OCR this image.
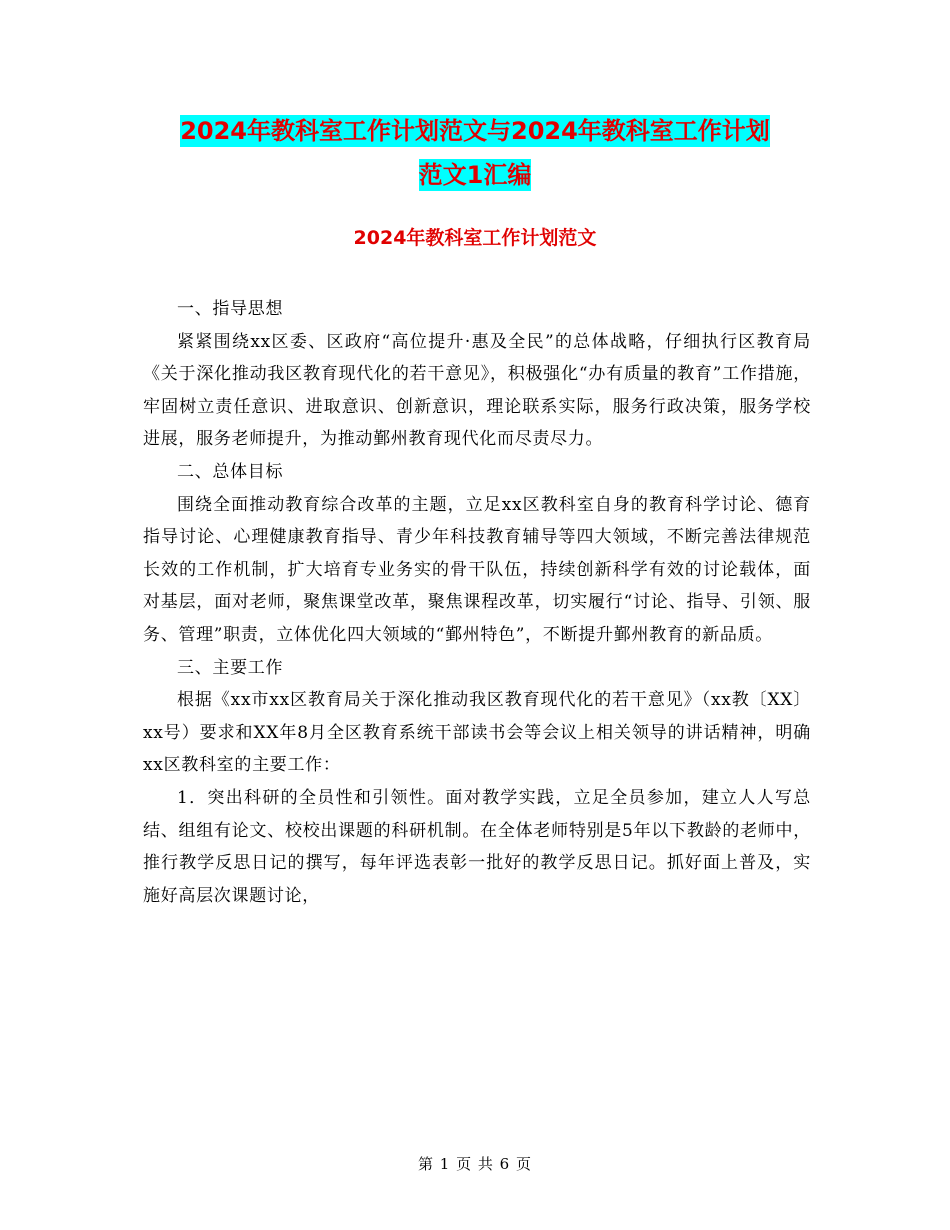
2024年教科室工作计划范文与2024年教科室工作计划
范文1汇编
2024年教科室工作计划范文

一、指导思想

紧紧围绕xx区委、区政府“高位提升·惠及全民”的总体战略，仔细执行区教育局《关于深化推动我区教育现代化的若干意见》，积极强化“办有质量的教育”工作措施，牢固树立责任意识、进取意识、创新意识，理论联系实际，服务行政决策，服务学校进展，服务老师提升，为推动鄞州教育现代化而尽责尽力。

二、总体目标

围绕全面推动教育综合改革的主题，立足xx区教科室自身的教育科学讨论、德育指导讨论、心理健康教育指导、青少年科技教育辅导等四大领域，不断完善法律规范长效的工作机制，扩大培育专业务实的骨干队伍，持续创新科学有效的讨论载体，面对基层，面对老师，聚焦课堂改革，聚焦课程改革，切实履行“讨论、指导、引领、服务、管理”职责，立体优化四大领域的“鄞州特色”，不断提升鄞州教育的新品质。

三、主要工作

根据《xx市xx区教育局关于深化推动我区教育现代化的若干意见》（xx教〔XX〕xx号）要求和XX年8月全区教育系统干部读书会等会议上相关领导的讲话精神，明确xx区教科室的主要工作：

1．突出科研的全员性和引领性。面对教学实践，立足全员参加，建立人人写总结、组组有论文、校校出课题的科研机制。在全体老师特别是5年以下教龄的老师中，推行教学反思日记的撰写，每年评选表彰一批好的教学反思日记。抓好面上普及，实施好高层次课题讨论，

第 1 页 共 6 页
